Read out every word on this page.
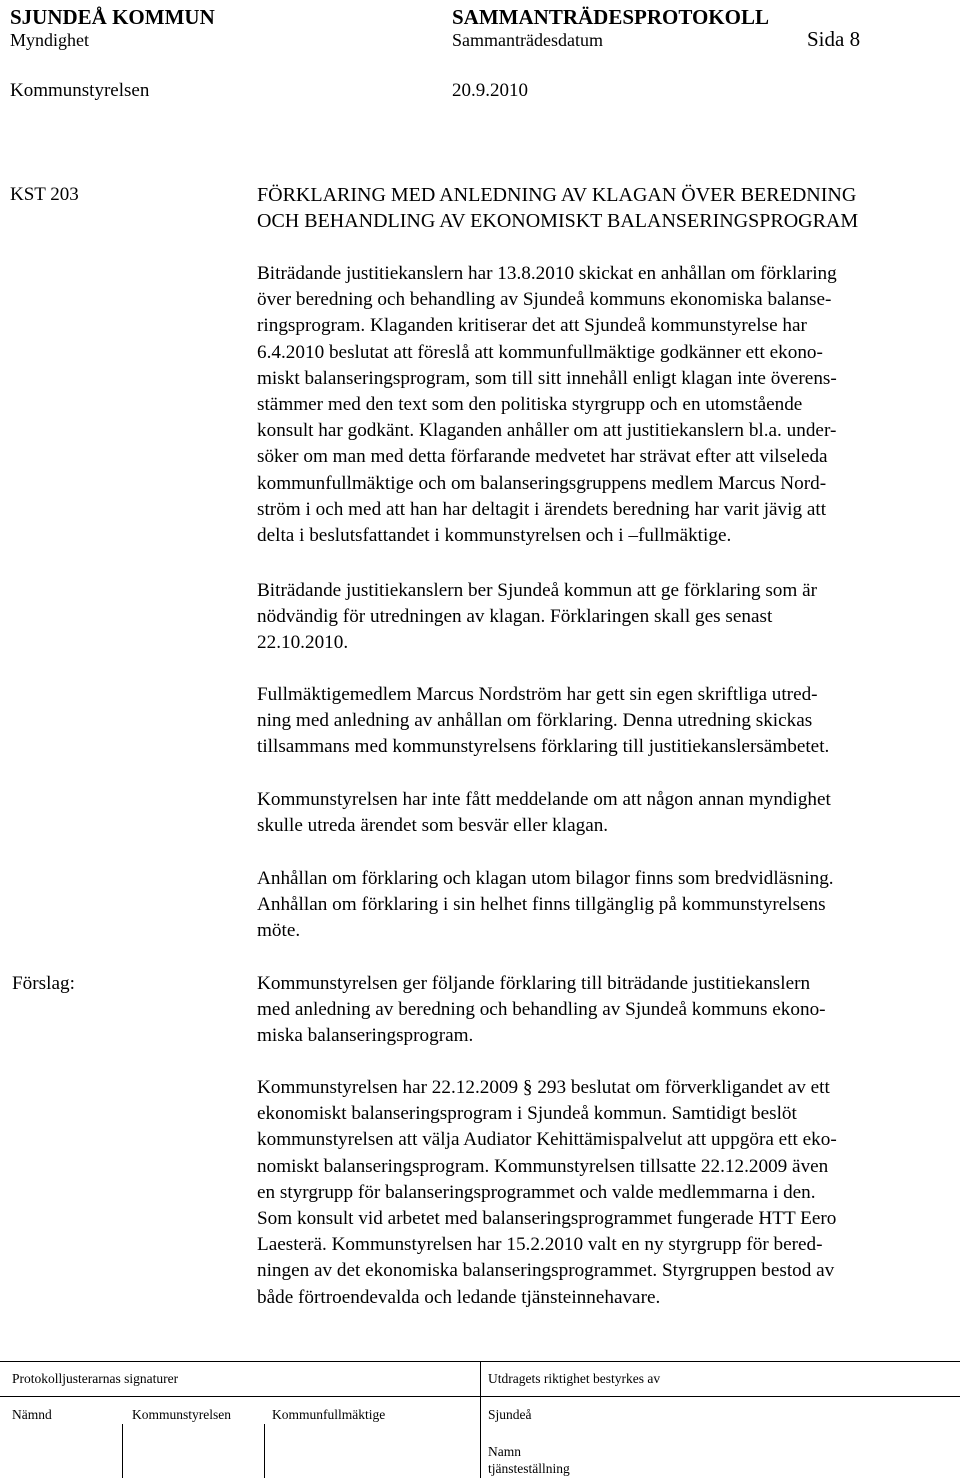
SJUNDEÅ KOMMUN	SAMMANTRÄDESPROTOKOLL
Myndighet	Sammanträdesdatum	Sida 8
Kommunstyrelsen	20.9.2010
KST 203	FÖRKLARING MED ANLEDNING AV KLAGAN ÖVER BEREDNING
OCH BEHANDLING AV EKONOMISKT BALANSERINGSPROGRAM
Biträdande justitiekanslern har 13.8.2010 skickat en anhållan om förklaring
över beredning och behandling av Sjundeå kommuns ekonomiska balanse-
ringsprogram. Klaganden kritiserar det att Sjundeå kommunstyrelse har
6.4.2010 beslutat att föreslå att kommunfullmäktige godkänner ett ekono-
miskt balanseringsprogram, som till sitt innehåll enligt klagan inte överens-
stämmer med den text som den politiska styrgrupp och en utomstående
konsult har godkänt. Klaganden anhåller om att justitiekanslern bl.a. under-
söker om man med detta förfarande medvetet har strävat efter att vilseleda
kommunfullmäktige och om balanseringsgruppens medlem Marcus Nord-
ström i och med att han har deltagit i ärendets beredning har varit jävig att
delta i beslutsfattandet i kommunstyrelsen och i –fullmäktige.
Biträdande justitiekanslern ber Sjundeå kommun att ge förklaring som är
nödvändig för utredningen av klagan. Förklaringen skall ges senast
22.10.2010.
Fullmäktigemedlem Marcus Nordström har gett sin egen skriftliga utred-
ning med anledning av anhållan om förklaring. Denna utredning skickas
tillsammans med kommunstyrelsens förklaring till justitiekanslersämbetet.
Kommunstyrelsen har inte fått meddelande om att någon annan myndighet
skulle utreda ärendet som besvär eller klagan.
Anhållan om förklaring och klagan utom bilagor finns som bredvidläsning.
Anhållan om förklaring i sin helhet finns tillgänglig på kommunstyrelsens
möte.
Förslag:	Kommunstyrelsen ger följande förklaring till biträdande justitiekanslern
med anledning av beredning och behandling av Sjundeå kommuns ekono-
miska balanseringsprogram.
Kommunstyrelsen har 22.12.2009 § 293 beslutat om förverkligandet av ett
ekonomiskt balanseringsprogram i Sjundeå kommun. Samtidigt beslöt
kommunstyrelsen att välja Audiator Kehittämispalvelut att uppgöra ett eko-
nomiskt balanseringsprogram. Kommunstyrelsen tillsatte 22.12.2009 även
en styrgrupp för balanseringsprogrammet och valde medlemmarna i den.
Som konsult vid arbetet med balanseringsprogrammet fungerade HTT Eero
Laesterä. Kommunstyrelsen har 15.2.2010 valt en ny styrgrupp för bered-
ningen av det ekonomiska balanseringsprogrammet. Styrgruppen bestod av
både förtroendevalda och ledande tjänsteinnehavare.
Protokolljusterarnas signaturer	Utdragets riktighet bestyrkes av
Nämnd	Kommunstyrelsen	Kommunfullmäktige	Sjundeå
Namn
tjänsteställning
